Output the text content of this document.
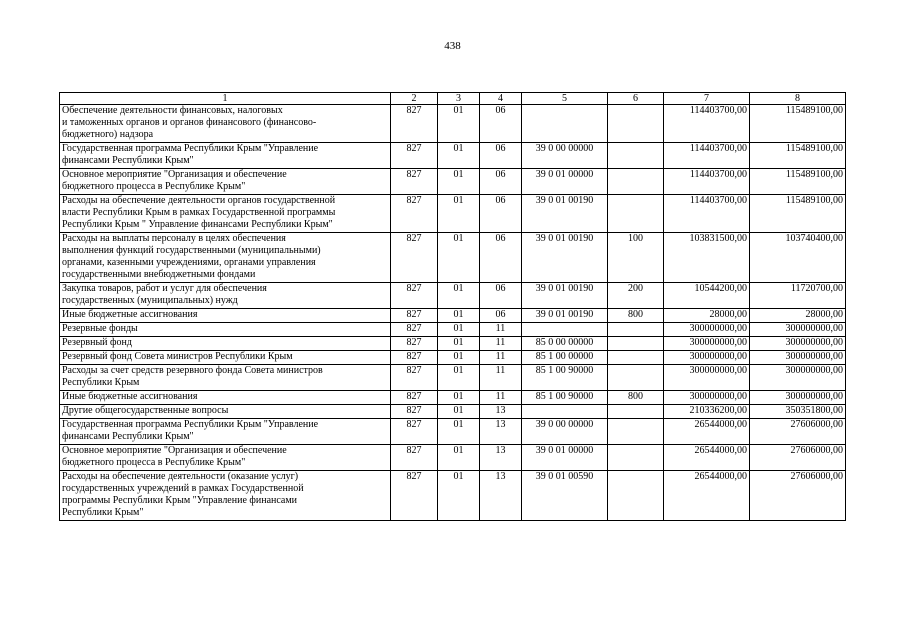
438
1	2	3	4	5	6	7	8
Обеспечение деятельности финансовых, налоговых
и таможенных органов и органов финансового (финансово-
бюджетного) надзора	827	01	06			114403700,00	115489100,00
Государственная программа Республики Крым "Управление
финансами Республики Крым"	827	01	06	39 0 00 00000		114403700,00	115489100,00
Основное мероприятие "Организация и обеспечение
бюджетного процесса в Республике Крым"	827	01	06	39 0 01 00000		114403700,00	115489100,00
Расходы на обеспечение деятельности органов государственной
власти Республики Крым в рамках Государственной программы
Республики Крым " Управление финансами Республики Крым"	827	01	06	39 0 01 00190		114403700,00	115489100,00
Расходы на выплаты персоналу в целях обеспечения
выполнения функций государственными (муниципальными)
органами, казенными учреждениями, органами управления
государственными внебюджетными фондами	827	01	06	39 0 01 00190	100	103831500,00	103740400,00
Закупка товаров, работ и услуг для обеспечения
государственных (муниципальных) нужд	827	01	06	39 0 01 00190	200	10544200,00	11720700,00
Иные бюджетные ассигнования	827	01	06	39 0 01 00190	800	28000,00	28000,00
Резервные фонды	827	01	11			300000000,00	300000000,00
Резервный фонд	827	01	11	85 0 00 00000		300000000,00	300000000,00
Резервный фонд Совета министров Республики Крым	827	01	11	85 1 00 00000		300000000,00	300000000,00
Расходы за счет средств резервного фонда Совета министров
Республики Крым	827	01	11	85 1 00 90000		300000000,00	300000000,00
Иные бюджетные ассигнования	827	01	11	85 1 00 90000	800	300000000,00	300000000,00
Другие общегосударственные вопросы	827	01	13			210336200,00	350351800,00
Государственная программа Республики Крым "Управление
финансами Республики Крым"	827	01	13	39 0 00 00000		26544000,00	27606000,00
Основное мероприятие "Организация и обеспечение
бюджетного процесса в Республике Крым"	827	01	13	39 0 01 00000		26544000,00	27606000,00
Расходы на обеспечение деятельности (оказание услуг)
государственных учреждений в рамках Государственной
программы Республики Крым "Управление финансами
Республики Крым"	827	01	13	39 0 01 00590		26544000,00	27606000,00
